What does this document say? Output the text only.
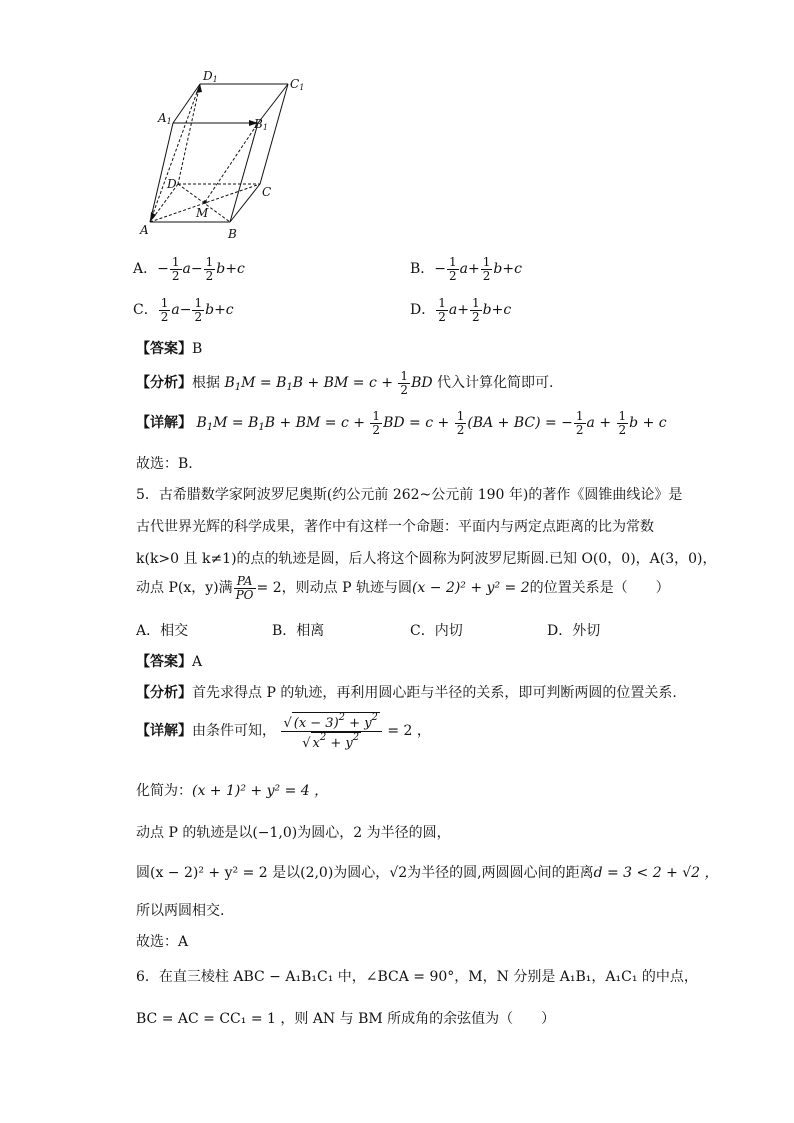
D1	C1
A1	B1
D
C
M
A	B
A．− $\frac{1}{2} a- \frac{1}{2} b+c$	B．− $\frac{1}{2} a+ \frac{1}{2} b+c$
C． $\frac{1}{2} a- \frac{1}{2} b+c$	D． $\frac{1}{2} a+ \frac{1}{2} b+c$
【答案】B
【分析】根据 $B_1M = B_1B$ + BM = $c + \frac{1}{2}$ BD 代入计算化简即可.
【详解】 $B_1M = B_1B$ + BM = $c + \frac{1}{2}$ BD = $c + \frac{1}{2} (BA + BC)$ = − $\frac{1}{2}$ $a + \frac{1}{2}$ b + c
故选：B.
5．古希腊数学家阿波罗尼奥斯(约公元前 262~公元前 190 年)的著作《圆锥曲线论》是
古代世界光辉的科学成果，著作中有这样一个命题：平面内与两定点距离的比为常数
k(k>0 且 k≠1)的点的轨迹是圆，后人将这个圆称为阿波罗尼斯圆.已知 O(0，0)，A(3，0)，
动点 P(x，y)满 $\frac{PA}{PO} = 2$，则动点 P 轨迹与圆(x − 2)² + y² = 2的位置关系是（　　）
A．相交	B．相离	C．内切	D．外切
【答案】A
【分析】首先求得点 P 的轨迹，再利用圆心距与半径的关系，即可判断两圆的位置关系.
【详解】由条件可知， $\frac{√ (x - 3)^2 + y^2}{√ x^2 + y^2} = 2$ ，
化简为：(x + 1)² + y² = 4 ，
动点 P 的轨迹是以(−1,0)为圆心，2 为半径的圆，
圆(x − 2)² + y² = 2 是以(2,0)为圆心，√2为半径的圆,两圆圆心间的距离d = 3 < 2 + √2 ，
所以两圆相交.
故选：A
6．在直三棱柱 ABC − A₁B₁C₁ 中，∠BCA = 90°，M，N 分别是 A₁B₁，A₁C₁ 的中点，
BC = AC = CC₁ = 1 ，则 AN 与 BM 所成角的余弦值为（　　）
